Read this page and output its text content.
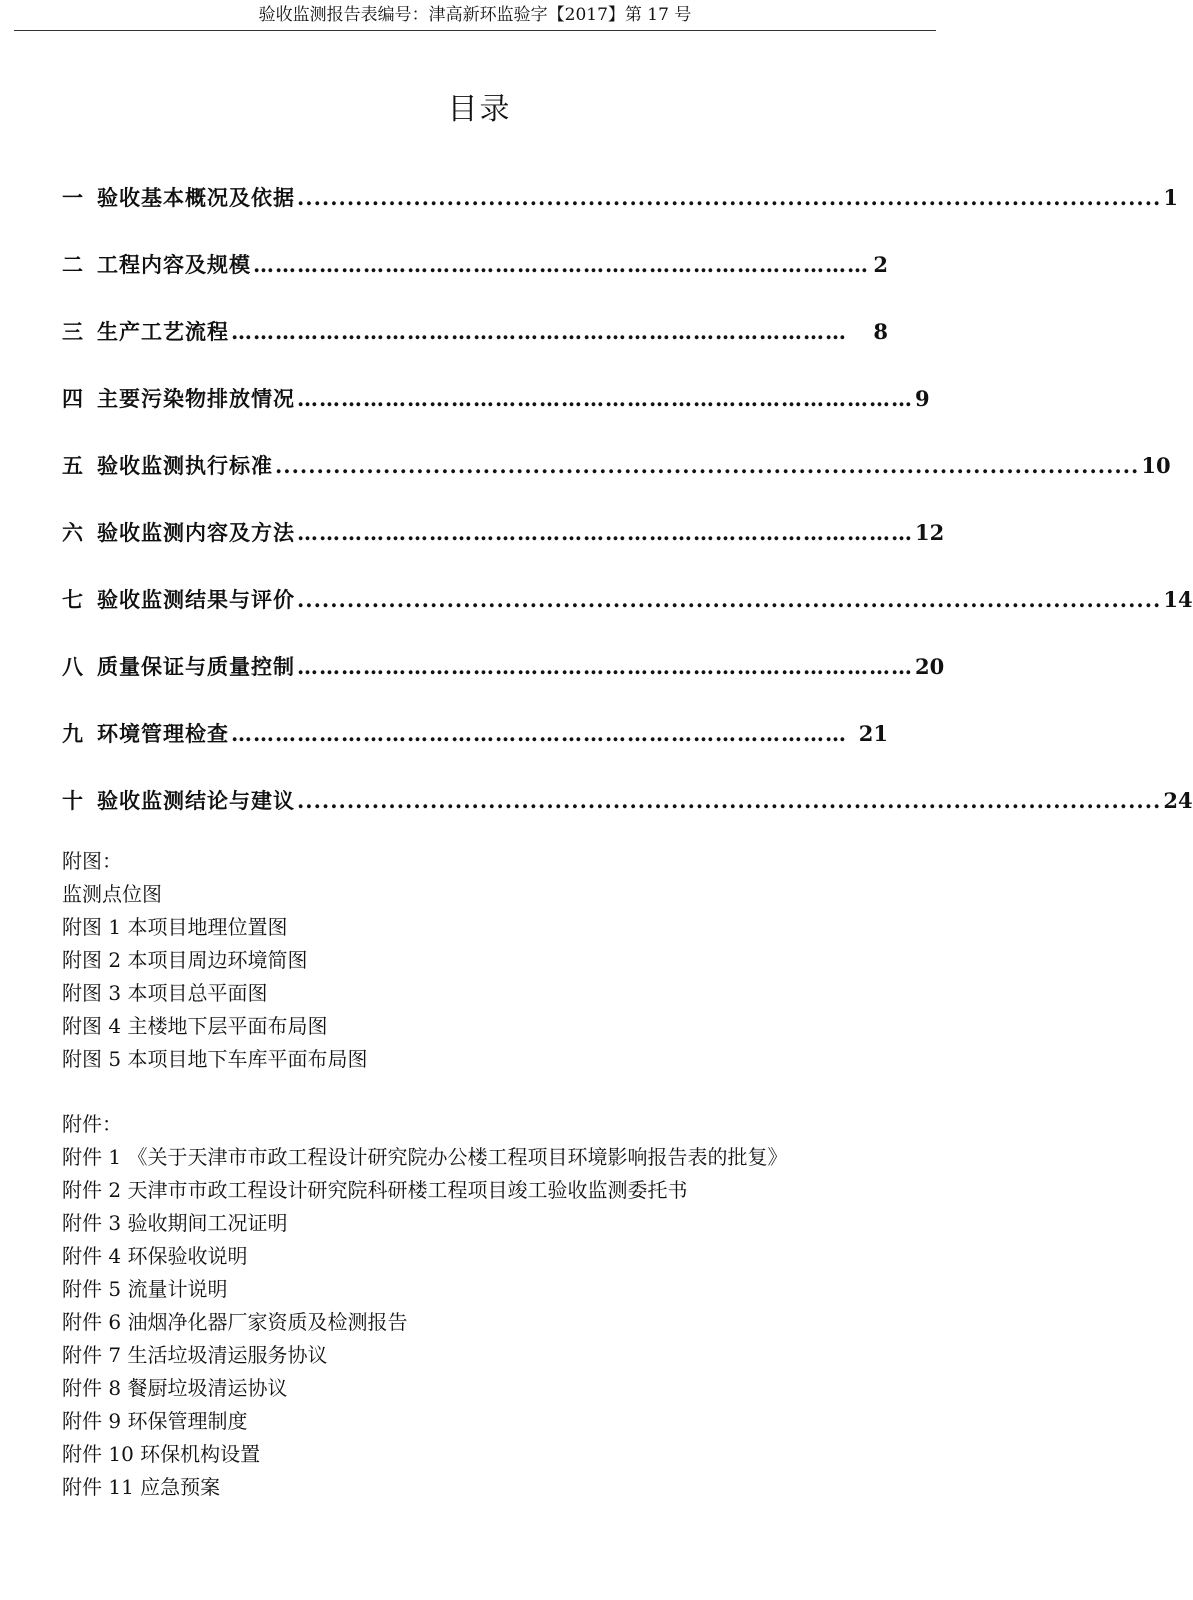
验收监测报告表编号：津高新环监验字【2017】第 17 号
目录
一 验收基本概况及依据 ........................................................................................................ 1
二 工程内容及规模 ………………………………………………………………………… 2
三 生产工艺流程 …………………………………………………………………………	8
四 主要污染物排放情况 ………………………………………………………………………… 9
五 验收监测执行标准 ........................................................................................................ 10
六 验收监测内容及方法 ………………………………………………………………………… 12
七 验收监测结果与评价 ........................................................................................................ 14
八 质量保证与质量控制 ………………………………………………………………………… 20
九 环境管理检查 ………………………………………………………………………… 21
十 验收监测结论与建议 ........................................................................................................ 24
附图：
监测点位图
附图 1 本项目地理位置图
附图 2 本项目周边环境简图
附图 3 本项目总平面图
附图 4 主楼地下层平面布局图
附图 5 本项目地下车库平面布局图
附件：
附件 1 《关于天津市市政工程设计研究院办公楼工程项目环境影响报告表的批复》
附件 2 天津市市政工程设计研究院科研楼工程项目竣工验收监测委托书
附件 3 验收期间工况证明
附件 4 环保验收说明
附件 5 流量计说明
附件 6 油烟净化器厂家资质及检测报告
附件 7 生活垃圾清运服务协议
附件 8 餐厨垃圾清运协议
附件 9 环保管理制度
附件 10 环保机构设置
附件 11 应急预案
